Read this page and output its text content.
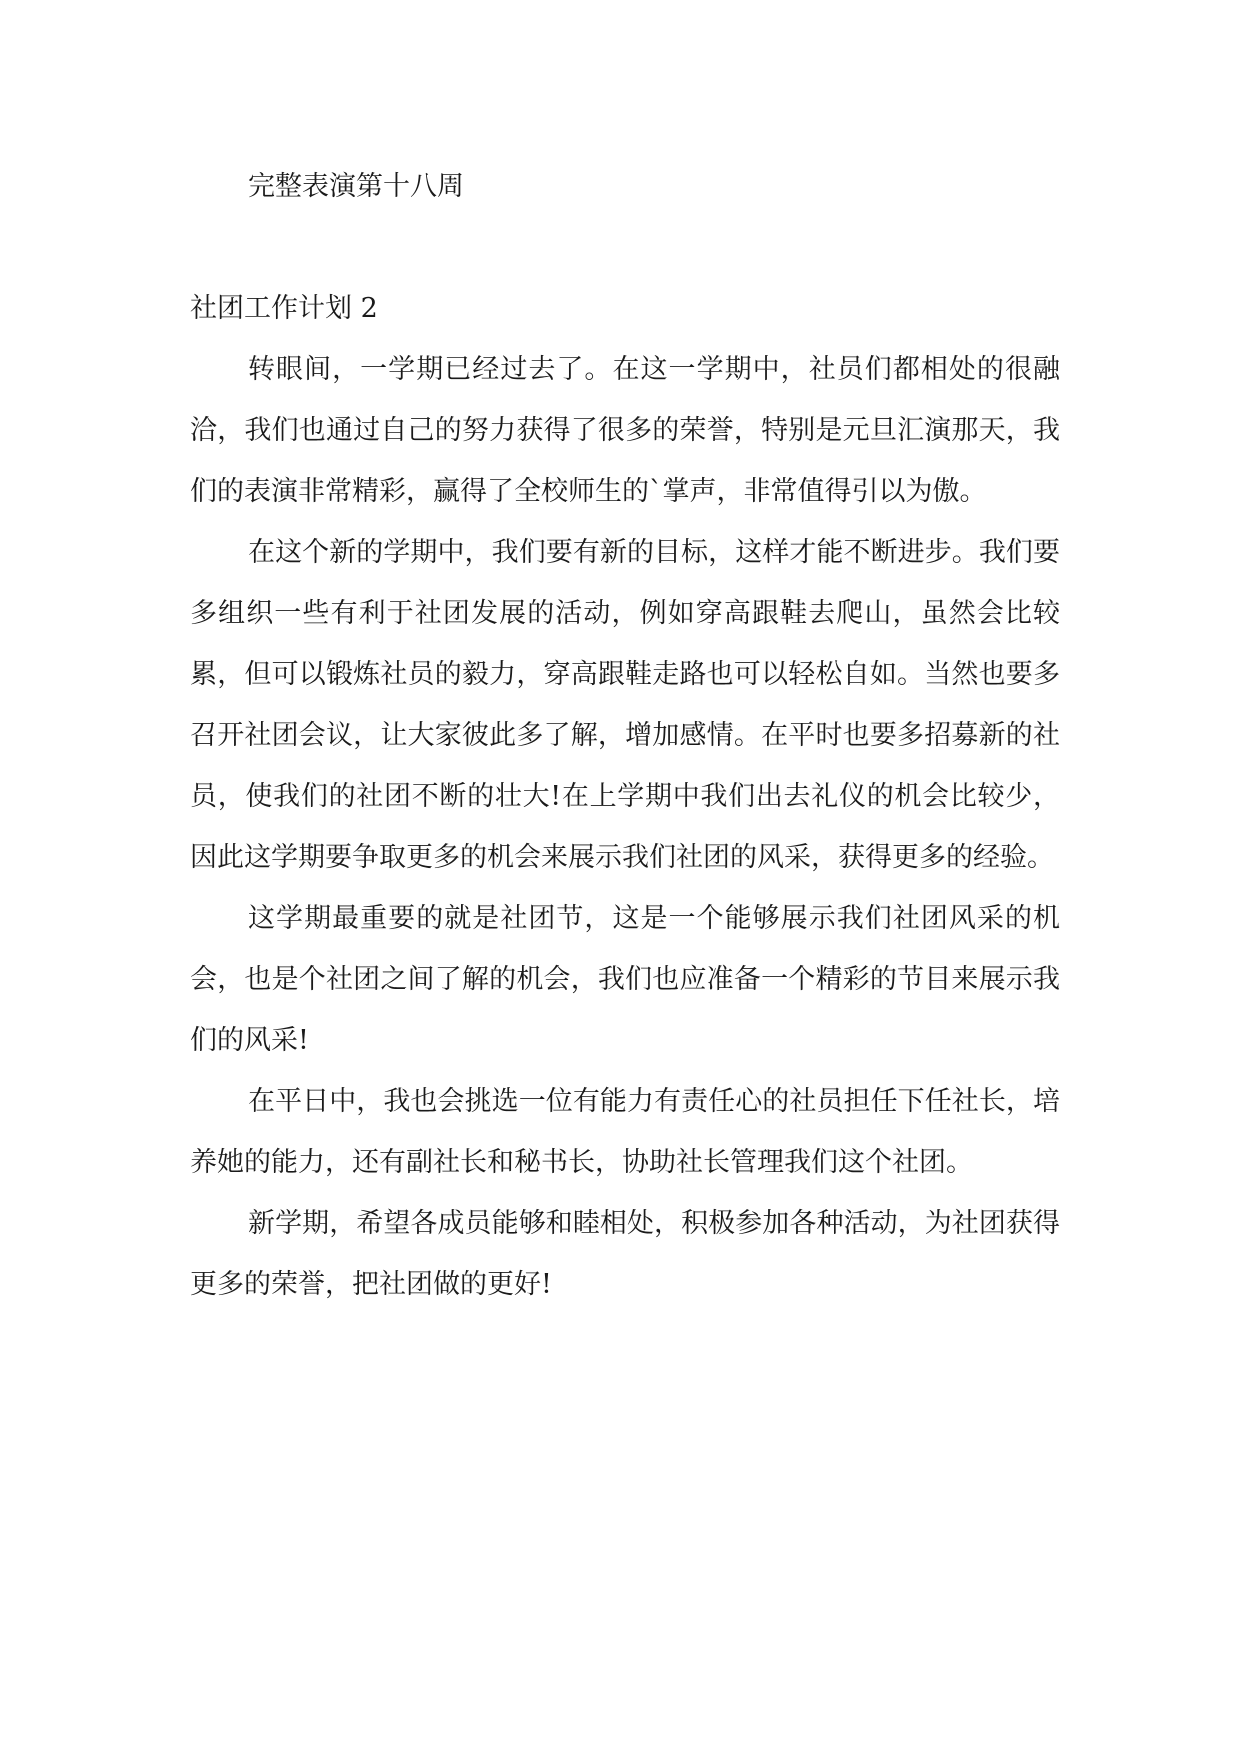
完整表演第十八周

社团工作计划 2

转眼间，一学期已经过去了。在这一学期中，社员们都相处的很融洽，我们也通过自己的努力获得了很多的荣誉，特别是元旦汇演那天，我们的表演非常精彩，赢得了全校师生的`掌声，非常值得引以为傲。

在这个新的学期中，我们要有新的目标，这样才能不断进步。我们要多组织一些有利于社团发展的活动，例如穿高跟鞋去爬山，虽然会比较累，但可以锻炼社员的毅力，穿高跟鞋走路也可以轻松自如。当然也要多召开社团会议，让大家彼此多了解，增加感情。在平时也要多招募新的社员，使我们的社团不断的壮大!在上学期中我们出去礼仪的机会比较少，因此这学期要争取更多的机会来展示我们社团的风采，获得更多的经验。

这学期最重要的就是社团节，这是一个能够展示我们社团风采的机会，也是个社团之间了解的机会，我们也应准备一个精彩的节目来展示我们的风采!

在平日中，我也会挑选一位有能力有责任心的社员担任下任社长，培养她的能力，还有副社长和秘书长，协助社长管理我们这个社团。

新学期，希望各成员能够和睦相处，积极参加各种活动，为社团获得更多的荣誉，把社团做的更好!
